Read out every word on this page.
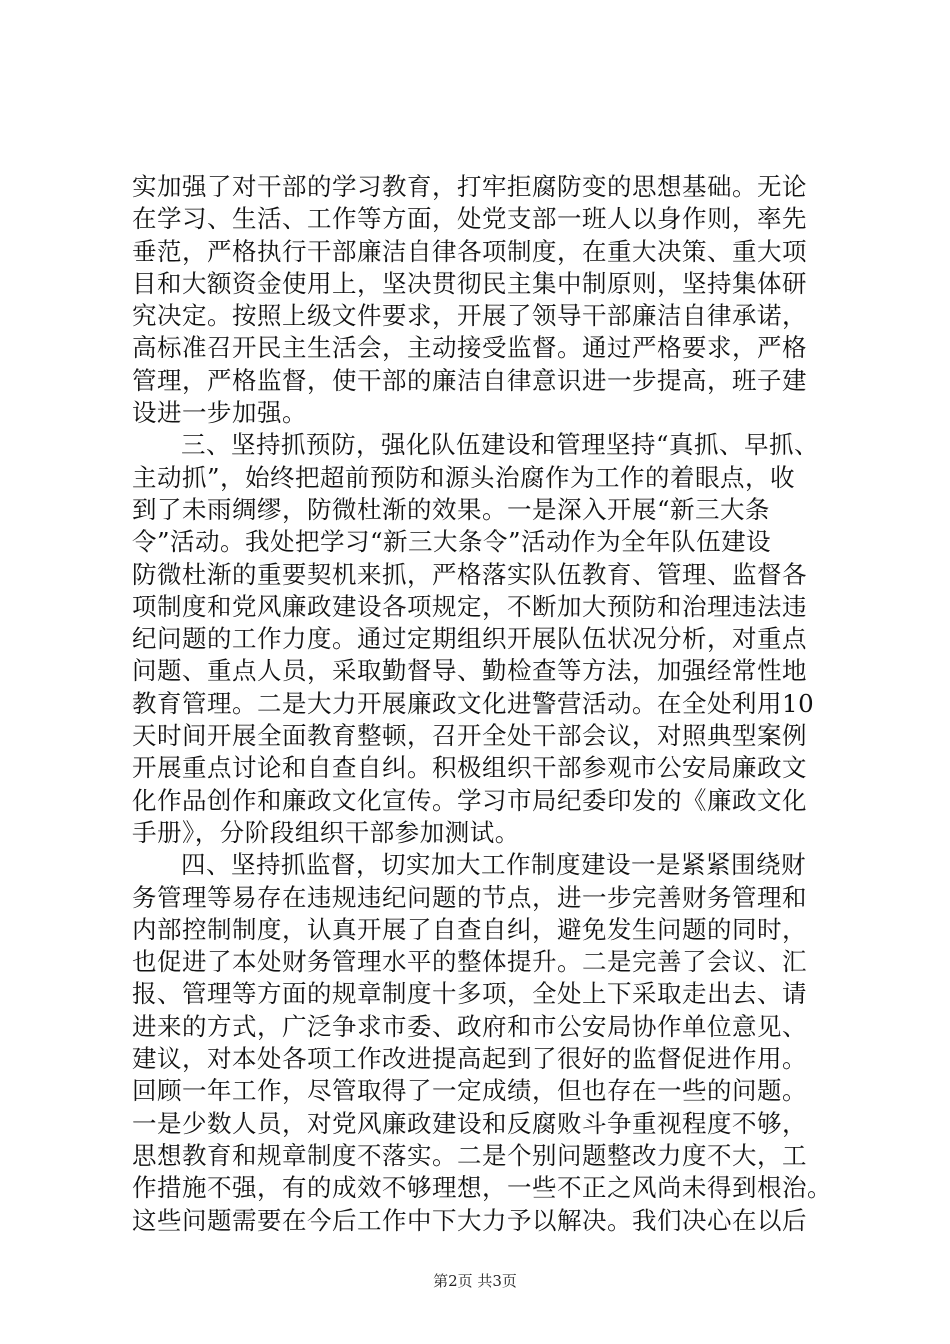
实加强了对干部的学习教育，打牢拒腐防变的思想基础。无论
在学习、生活、工作等方面，处党支部一班人以身作则，率先
垂范，严格执行干部廉洁自律各项制度，在重大决策、重大项
目和大额资金使用上，坚决贯彻民主集中制原则，坚持集体研
究决定。按照上级文件要求，开展了领导干部廉洁自律承诺，
高标准召开民主生活会，主动接受监督。通过严格要求，严格
管理，严格监督，使干部的廉洁自律意识进一步提高，班子建
设进一步加强。
三、坚持抓预防，强化队伍建设和管理坚持“真抓、早抓、
主动抓”，始终把超前预防和源头治腐作为工作的着眼点，收
到了未雨绸缪，防微杜渐的效果。一是深入开展“新三大条
令”活动。我处把学习“新三大条令”活动作为全年队伍建设
防微杜渐的重要契机来抓，严格落实队伍教育、管理、监督各
项制度和党风廉政建设各项规定，不断加大预防和治理违法违
纪问题的工作力度。通过定期组织开展队伍状况分析，对重点
问题、重点人员，采取勤督导、勤检查等方法，加强经常性地
教育管理。二是大力开展廉政文化进警营活动。在全处利用10
天时间开展全面教育整顿，召开全处干部会议，对照典型案例
开展重点讨论和自查自纠。积极组织干部参观市公安局廉政文
化作品创作和廉政文化宣传。学习市局纪委印发的《廉政文化
手册》，分阶段组织干部参加测试。
四、坚持抓监督，切实加大工作制度建设一是紧紧围绕财
务管理等易存在违规违纪问题的节点，进一步完善财务管理和
内部控制制度，认真开展了自查自纠，避免发生问题的同时，
也促进了本处财务管理水平的整体提升。二是完善了会议、汇
报、管理等方面的规章制度十多项，全处上下采取走出去、请
进来的方式，广泛争求市委、政府和市公安局协作单位意见、
建议，对本处各项工作改进提高起到了很好的监督促进作用。
回顾一年工作，尽管取得了一定成绩，但也存在一些的问题。
一是少数人员，对党风廉政建设和反腐败斗争重视程度不够，
思想教育和规章制度不落实。二是个别问题整改力度不大，工
作措施不强，有的成效不够理想，一些不正之风尚未得到根治。
这些问题需要在今后工作中下大力予以解决。我们决心在以后
第2页 共3页
